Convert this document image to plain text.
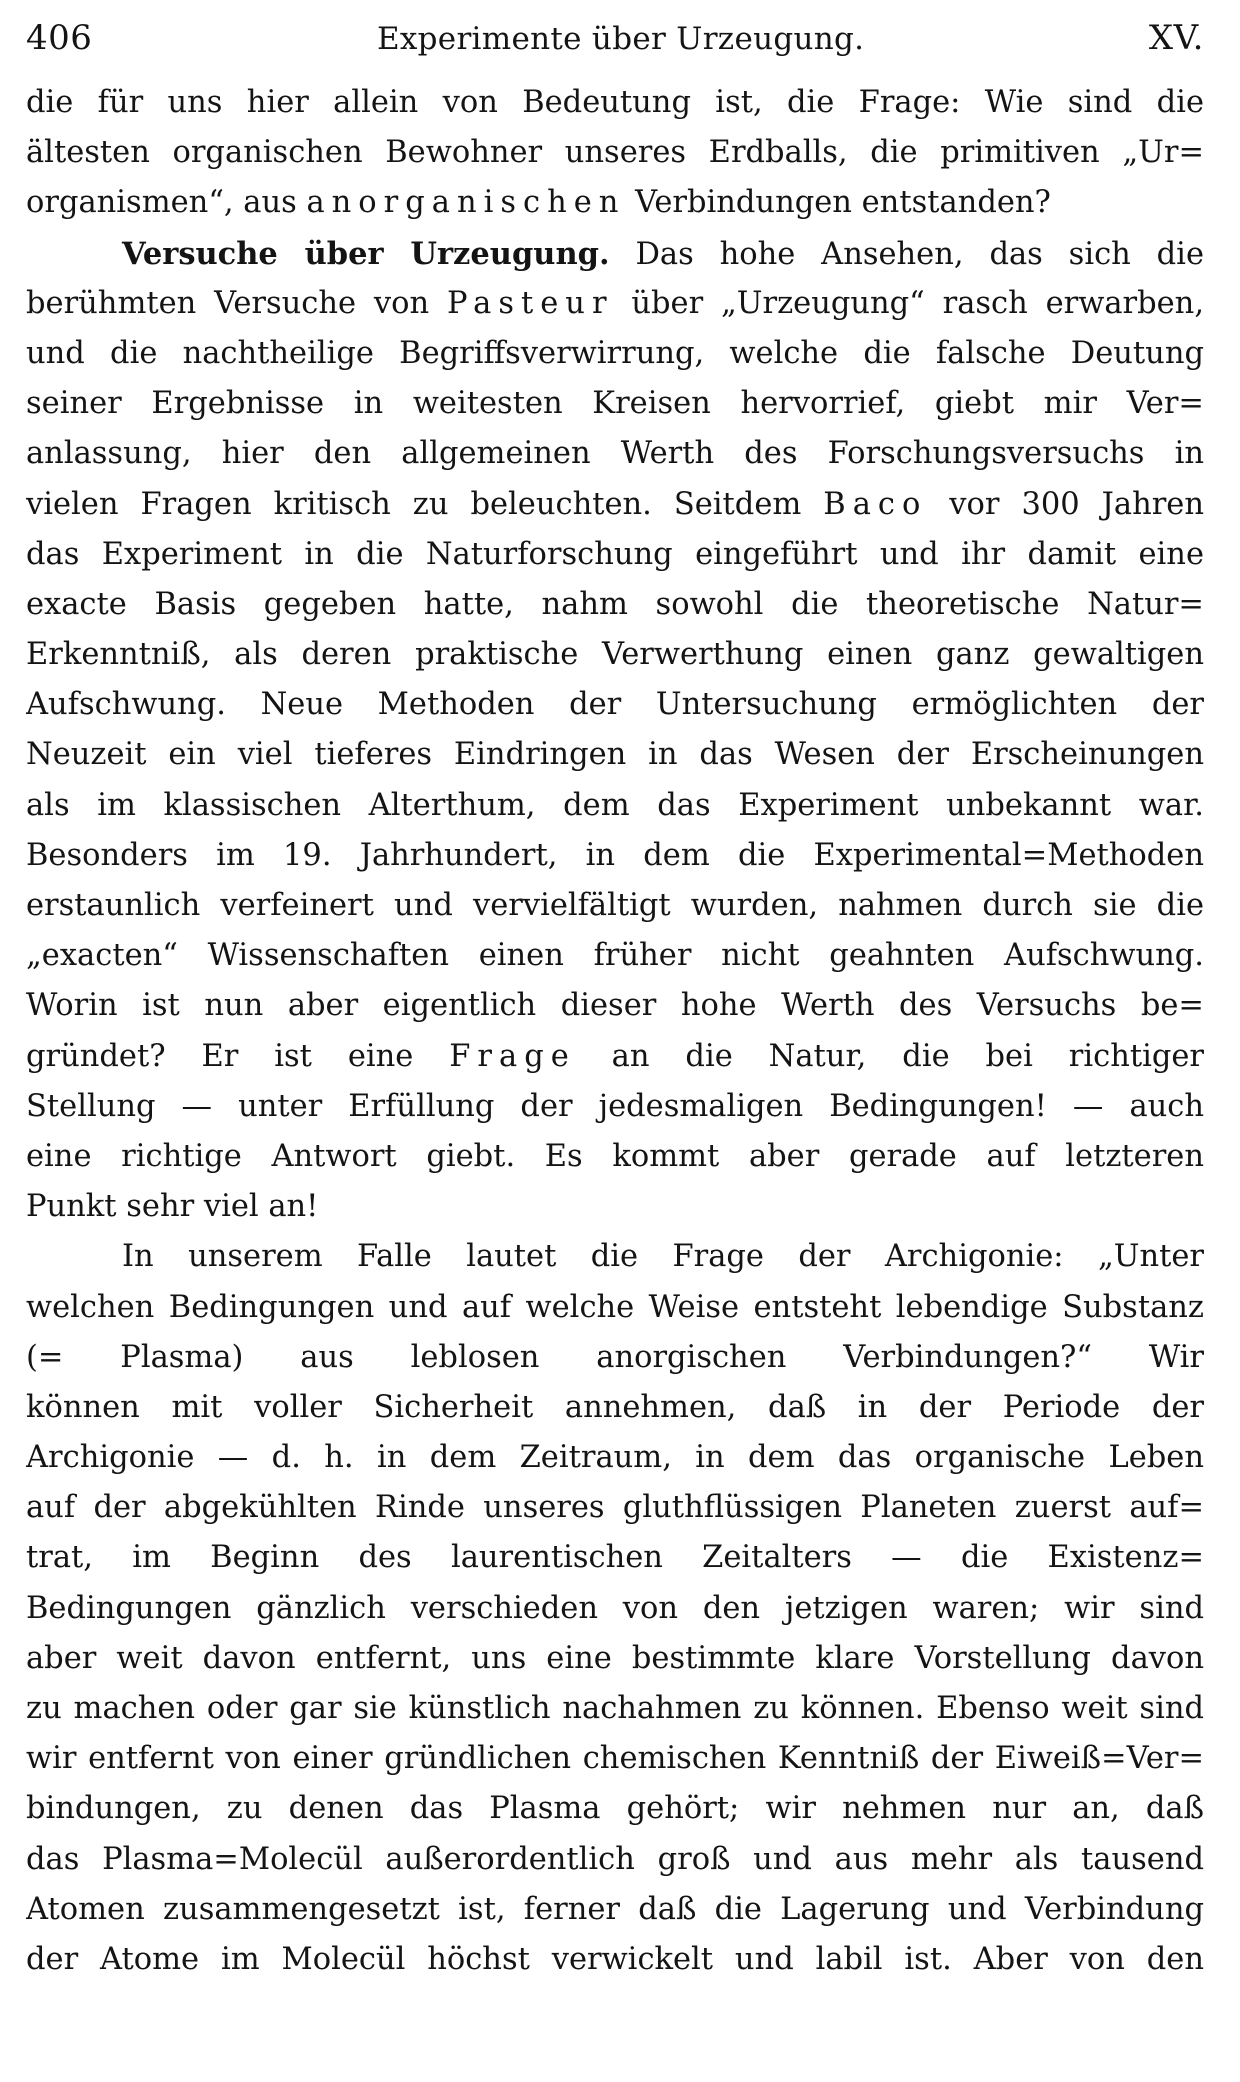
406	Experimente über Urzeugung.	XV.
die für uns hier allein von Bedeutung ist, die Frage: Wie sind die
ältesten organischen Bewohner unseres Erdballs, die primitiven „Ur=
organismen“, aus anorganischen Verbindungen entstanden?
Versuche über Urzeugung. Das hohe Ansehen, das sich die
berühmten Versuche von Pasteur über „Urzeugung“ rasch erwarben,
und die nachtheilige Begriffsverwirrung, welche die falsche Deutung
seiner Ergebnisse in weitesten Kreisen hervorrief, giebt mir Ver=
anlassung, hier den allgemeinen Werth des Forschungsversuchs in
vielen Fragen kritisch zu beleuchten. Seitdem Baco vor 300 Jahren
das Experiment in die Naturforschung eingeführt und ihr damit eine
exacte Basis gegeben hatte, nahm sowohl die theoretische Natur=
Erkenntniß, als deren praktische Verwerthung einen ganz gewaltigen
Aufschwung. Neue Methoden der Untersuchung ermöglichten der
Neuzeit ein viel tieferes Eindringen in das Wesen der Erscheinungen
als im klassischen Alterthum, dem das Experiment unbekannt war.
Besonders im 19. Jahrhundert, in dem die Experimental=Methoden
erstaunlich verfeinert und vervielfältigt wurden, nahmen durch sie die
„exacten“ Wissenschaften einen früher nicht geahnten Aufschwung.
Worin ist nun aber eigentlich dieser hohe Werth des Versuchs be=
gründet? Er ist eine Frage an die Natur, die bei richtiger
Stellung — unter Erfüllung der jedesmaligen Bedingungen! — auch
eine richtige Antwort giebt. Es kommt aber gerade auf letzteren
Punkt sehr viel an!
In unserem Falle lautet die Frage der Archigonie: „Unter
welchen Bedingungen und auf welche Weise entsteht lebendige Substanz
(= Plasma) aus leblosen anorgischen Verbindungen?“ Wir
können mit voller Sicherheit annehmen, daß in der Periode der
Archigonie — d. h. in dem Zeitraum, in dem das organische Leben
auf der abgekühlten Rinde unseres gluthflüssigen Planeten zuerst auf=
trat, im Beginn des laurentischen Zeitalters — die Existenz=
Bedingungen gänzlich verschieden von den jetzigen waren; wir sind
aber weit davon entfernt, uns eine bestimmte klare Vorstellung davon
zu machen oder gar sie künstlich nachahmen zu können. Ebenso weit sind
wir entfernt von einer gründlichen chemischen Kenntniß der Eiweiß=Ver=
bindungen, zu denen das Plasma gehört; wir nehmen nur an, daß
das Plasma=Molecül außerordentlich groß und aus mehr als tausend
Atomen zusammengesetzt ist, ferner daß die Lagerung und Verbindung
der Atome im Molecül höchst verwickelt und labil ist. Aber von den
